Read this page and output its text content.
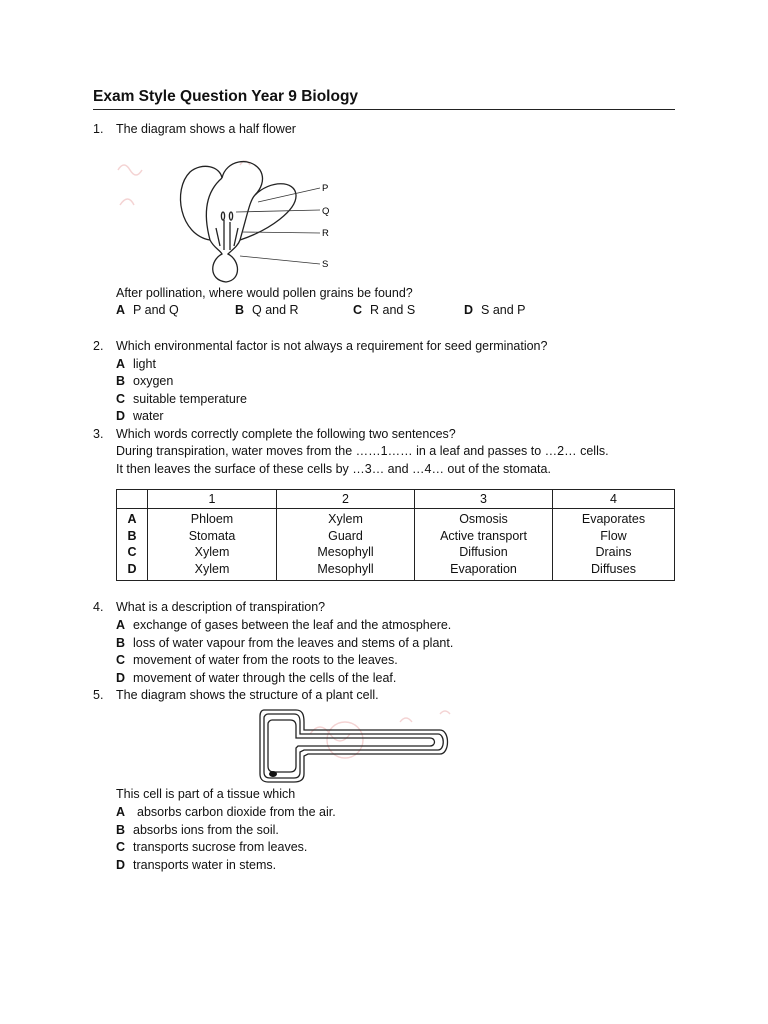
Exam Style Question Year 9 Biology
1. The diagram shows a half flower
P
Q
R
S
After pollination, where would pollen grains be found?
A P and Q	B Q and R	C R and S	D S and P
2. Which environmental factor is not always a requirement for seed germination?
A light
B oxygen
C suitable temperature
D water
3. Which words correctly complete the following two sentences?
During transpiration, water moves from the ……1…… in a leaf and passes to …2… cells.
It then leaves the surface of these cells by …3… and …4… out of the stomata.
	1	2	3	4
A	Phloem	Xylem	Osmosis	Evaporates
B	Stomata	Guard	Active transport	Flow
C	Xylem	Mesophyll	Diffusion	Drains
D	Xylem	Mesophyll	Evaporation	Diffuses
4. What is a description of transpiration?
A exchange of gases between the leaf and the atmosphere.
B loss of water vapour from the leaves and stems of a plant.
C movement of water from the roots to the leaves.
D movement of water through the cells of the leaf.
5. The diagram shows the structure of a plant cell.
This cell is part of a tissue which
A absorbs carbon dioxide from the air.
B absorbs ions from the soil.
C transports sucrose from leaves.
D transports water in stems.
